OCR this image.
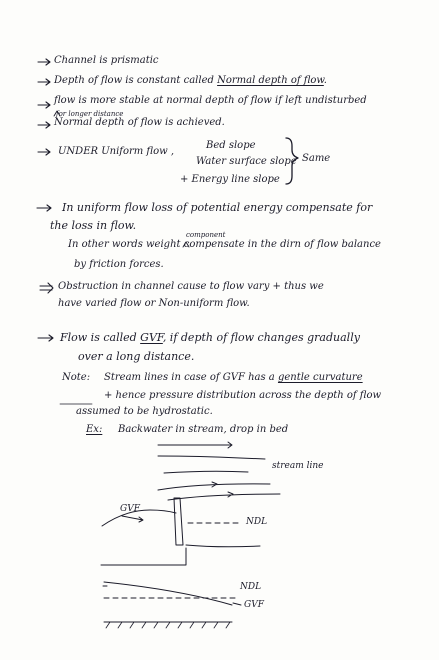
Channel is prismatic
Depth of flow is constant called Normal depth of flow.
flow is more stable at normal depth of flow if left undisturbed
for longer distance
Normal depth of flow is achieved.
UNDER Uniform flow ,
Bed slope
Water surface slope
+ Energy line slope
Same
In uniform flow loss of potential energy compensate for
the loss in flow.
component
In other words weight compensate in the dirn of flow balance
by friction forces.
Obstruction in channel cause to flow vary + thus we
have varied flow or Non-uniform flow.
Flow is called GVF, if depth of flow changes gradually
over a long distance.
Note: Stream lines in case of GVF has a gentle curvature
+ hence pressure distribution across the depth of flow
assumed to be hydrostatic.
Ex: Backwater in stream, drop in bed
stream line
GVF
NDL
NDL
GVF
